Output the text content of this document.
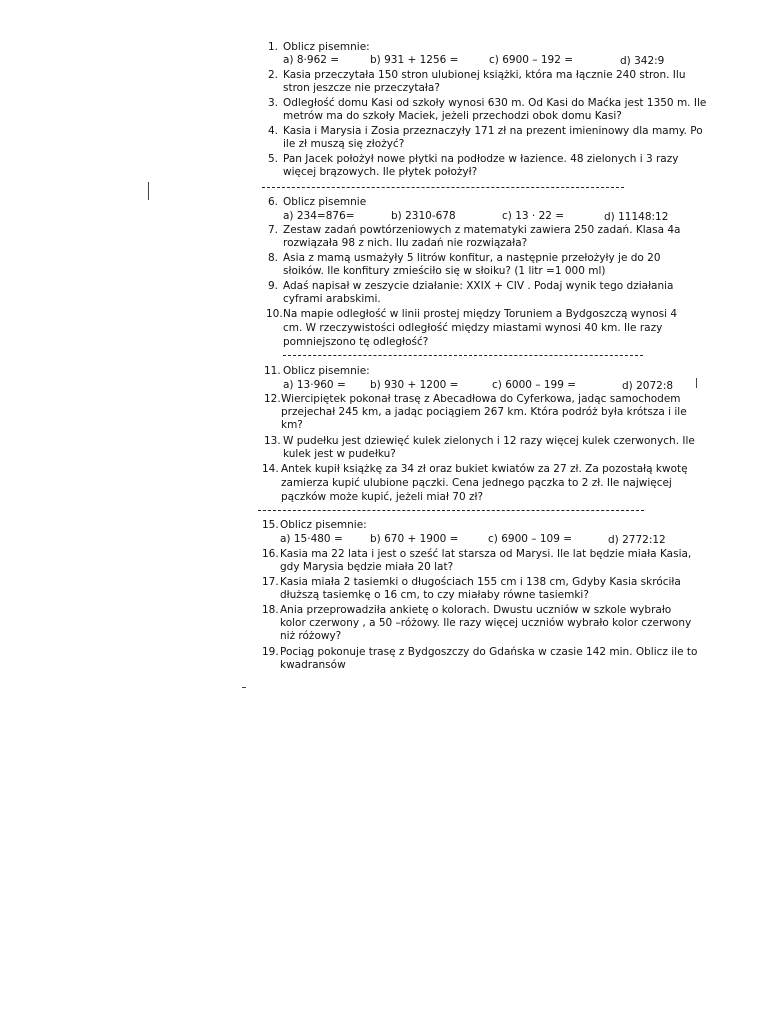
1. Oblicz pisemnie:
a) 8·962 =	b) 931 + 1256 =	c) 6900 – 192 =	d) 342:9
2. Kasia przeczytała 150 stron ulubionej książki, która ma łącznie 240 stron. Ilu
stron jeszcze nie przeczytała?
3. Odległość domu Kasi od szkoły wynosi 630 m. Od Kasi do Maćka jest 1350 m. Ile
metrów ma do szkoły Maciek, jeżeli przechodzi obok domu Kasi?
4. Kasia i Marysia i Zosia przeznaczyły 171 zł na prezent imieninowy dla mamy. Po
ile zł muszą się złożyć?
5. Pan Jacek położył nowe płytki na podłodze w łazience. 48 zielonych i 3 razy
więcej brązowych. Ile płytek położył?
6. Oblicz pisemnie
a) 234=876=	b) 2310-678	c) 13 · 22 =	d) 11148:12
7. Zestaw zadań powtórzeniowych z matematyki zawiera 250 zadań. Klasa 4a
rozwiązała 98 z nich. Ilu zadań nie rozwiązała?
8. Asia z mamą usmażyły 5 litrów konfitur, a następnie przełożyły je do 20
słoików. Ile konfitury zmieściło się w słoiku? (1 litr =1 000 ml)
9. Adaś napisał w zeszycie działanie: XXIX + CIV . Podaj wynik tego działania
cyframi arabskimi.
10. Na mapie odległość w linii prostej między Toruniem a Bydgoszczą wynosi 4
cm. W rzeczywistości odległość między miastami wynosi 40 km. Ile razy
pomniejszono tę odległość?
11. Oblicz pisemnie:
a) 13·960 = b) 930 + 1200 =	c) 6000 – 199 =	d) 2072:8
12. Wiercipiętek pokonał trasę z Abecadłowa do Cyferkowa, jadąc samochodem
przejechał 245 km, a jadąc pociągiem 267 km. Która podróż była krótsza i ile
km?
13. W pudełku jest dziewięć kulek zielonych i 12 razy więcej kulek czerwonych. Ile
kulek jest w pudełku?
14. Antek kupił książkę za 34 zł oraz bukiet kwiatów za 27 zł. Za pozostałą kwotę
zamierza kupić ulubione pączki. Cena jednego pączka to 2 zł. Ile najwięcej
pączków może kupić, jeżeli miał 70 zł?
15. Oblicz pisemnie:
a) 15·480 =	b) 670 + 1900 =	c) 6900 – 109 =	d) 2772:12
16. Kasia ma 22 lata i jest o sześć lat starsza od Marysi. Ile lat będzie miała Kasia,
gdy Marysia będzie miała 20 lat?
17. Kasia miała 2 tasiemki o długościach 155 cm i 138 cm, Gdyby Kasia skróciła
dłuższą tasiemkę o 16 cm, to czy miałaby równe tasiemki?
18. Ania przeprowadziła ankietę o kolorach. Dwustu uczniów w szkole wybrało
kolor czerwony , a 50 –różowy. Ile razy więcej uczniów wybrało kolor czerwony
niż różowy?
19. Pociąg pokonuje trasę z Bydgoszczy do Gdańska w czasie 142 min. Oblicz ile to
kwadransów
